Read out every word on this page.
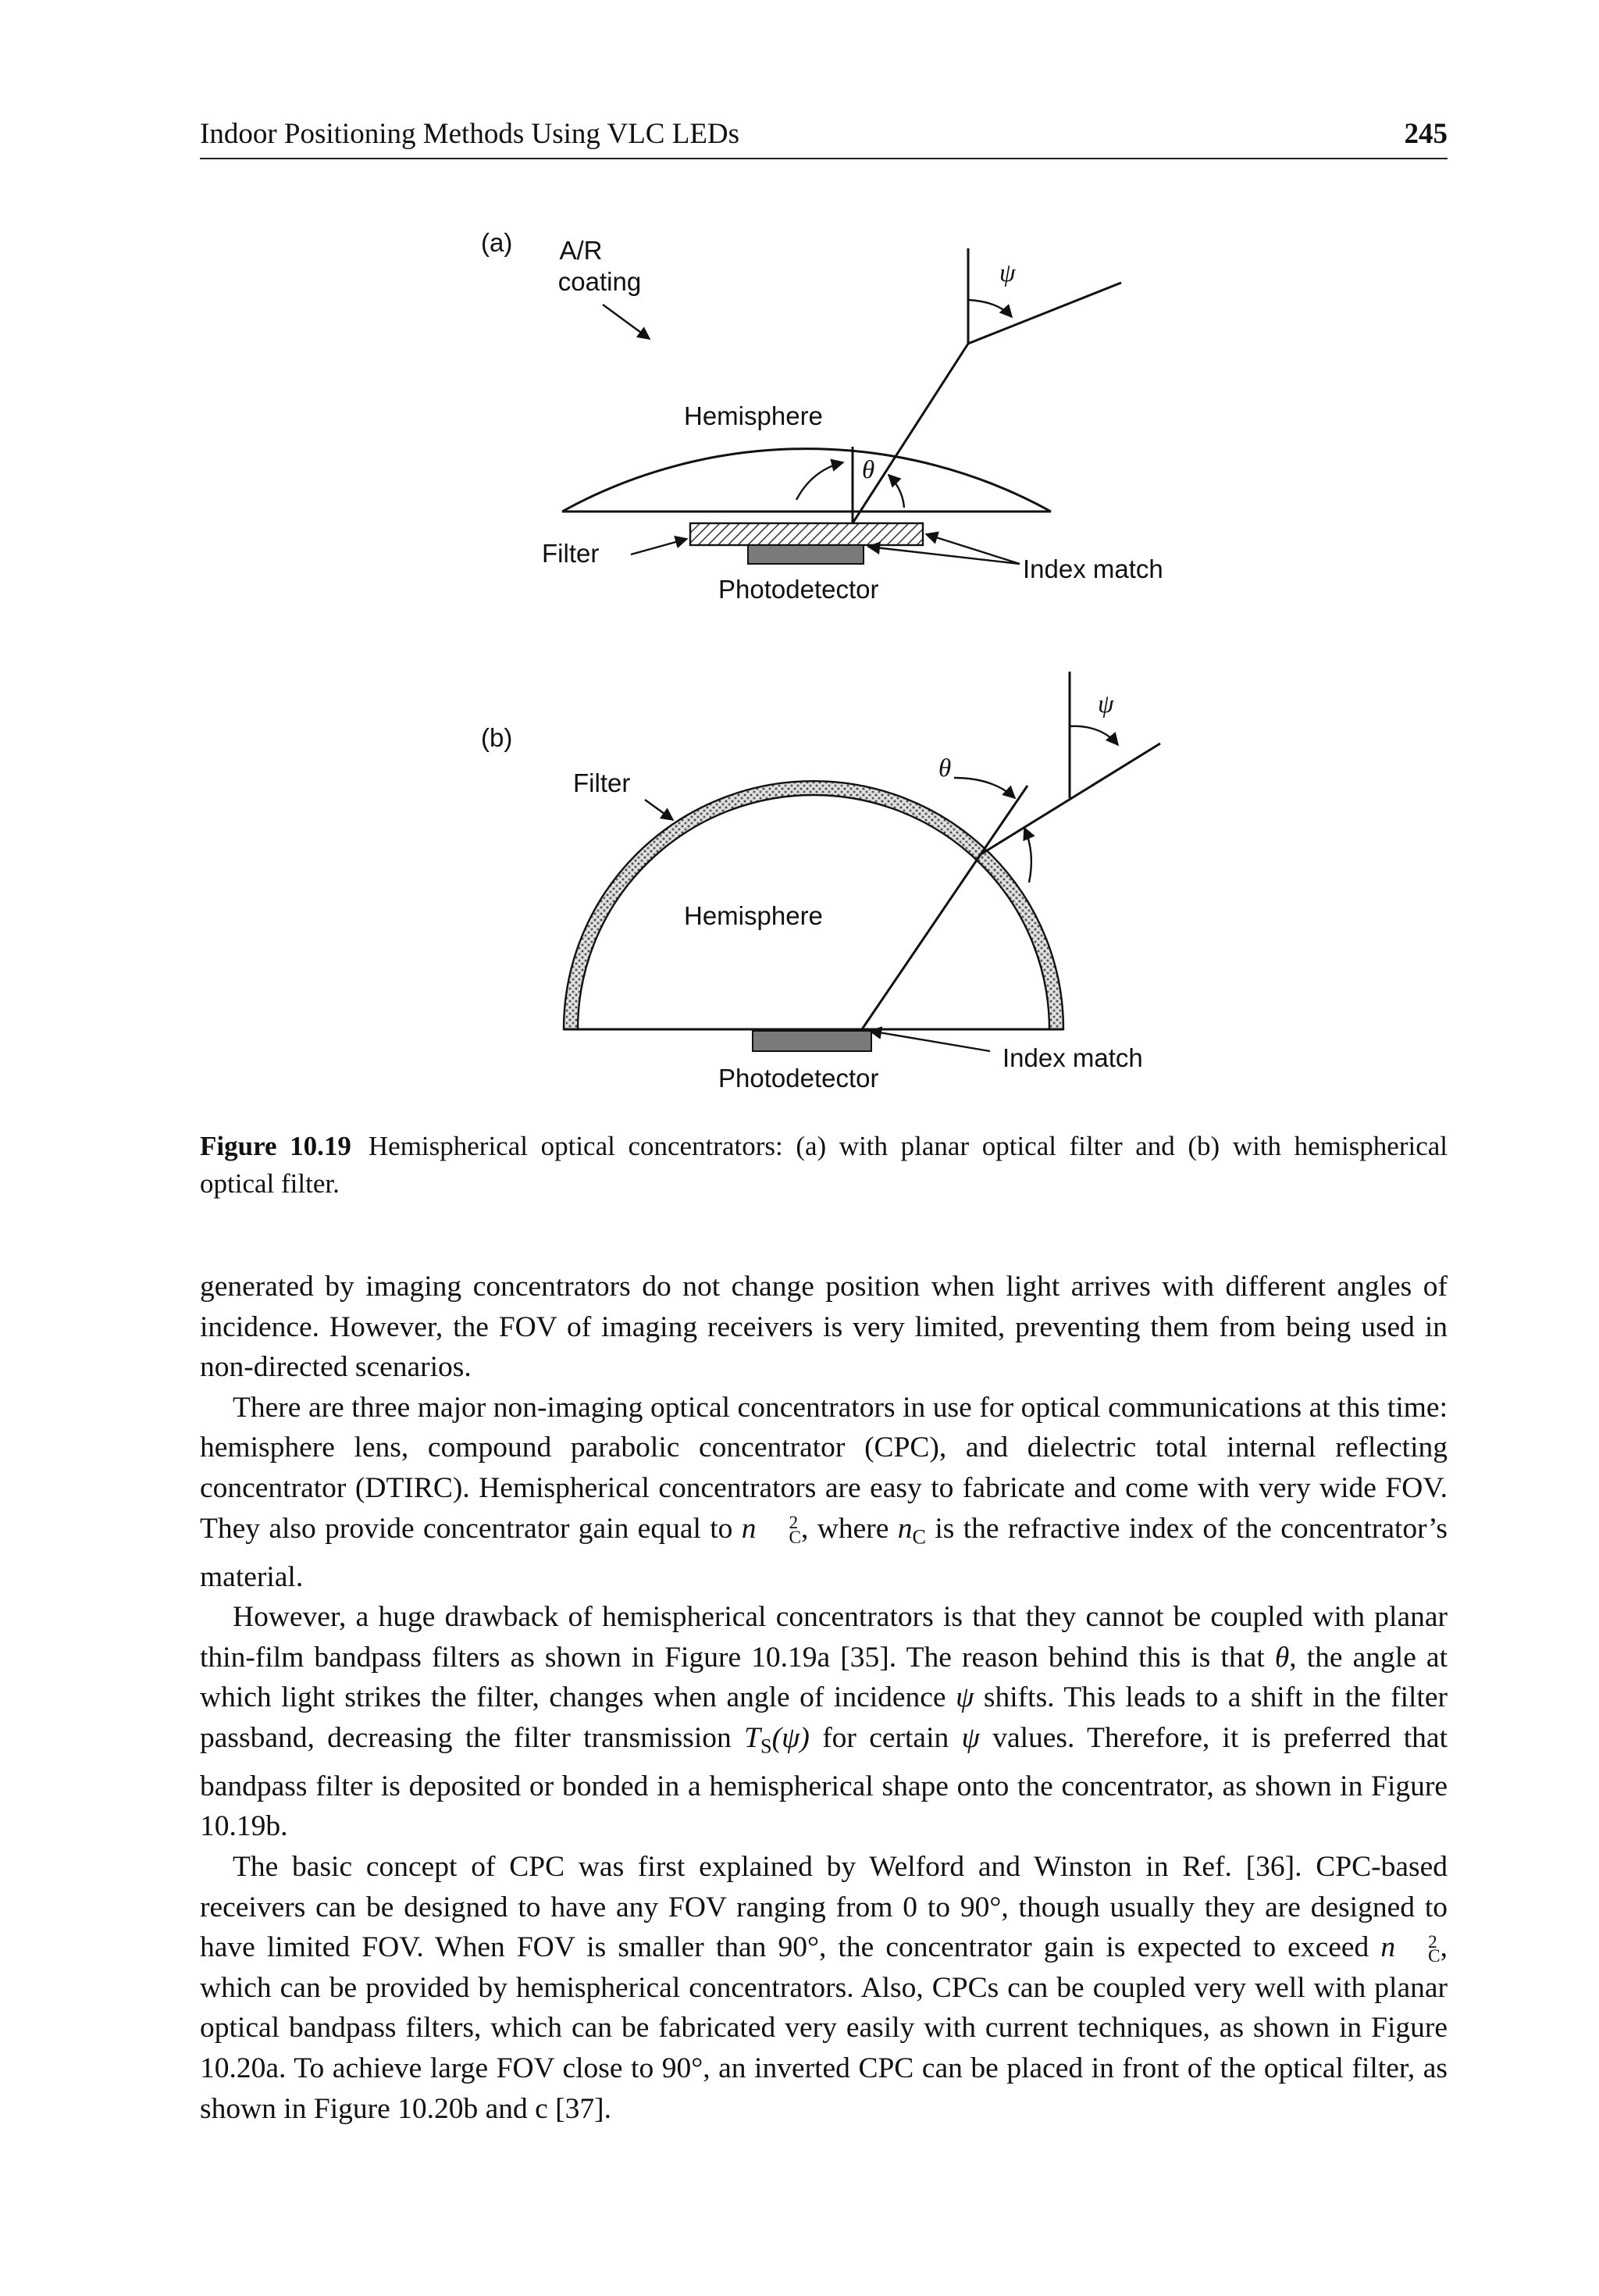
Indoor Positioning Methods Using VLC LEDs	245
(a) A/R
coating
Hemisphere
ψ
θ
Filter
Photodetector
Index match
(b)
Hemisphere
ψ
θ
Filter
Photodetector
Index match
Figure 10.19 Hemispherical optical concentrators: (a) with planar optical filter and (b) with hemispherical optical filter.

generated by imaging concentrators do not change position when light arrives with different angles of incidence. However, the FOV of imaging receivers is very limited, preventing them from being used in non-directed scenarios.

There are three major non-imaging optical concentrators in use for optical communications at this time: hemisphere lens, compound parabolic concentrator (CPC), and dielectric total internal reflecting concentrator (DTIRC). Hemispherical concentrators are easy to fabricate and come with very wide FOV. They also provide concentrator gain equal to n	2
C , where $n_C$ is the refractive index of the concentrator’s material.

However, a huge drawback of hemispherical concentrators is that they cannot be coupled with planar thin-film bandpass filters as shown in Figure 10.19a [35]. The reason behind this is that θ, the angle at which light strikes the filter, changes when angle of incidence ψ shifts. This leads to a shift in the filter passband, decreasing the filter transmission $T_S(\psi)$ for certain ψ values. Therefore, it is preferred that bandpass filter is deposited or bonded in a hemispherical shape onto the concentrator, as shown in Figure 10.19b.

The basic concept of CPC was first explained by Welford and Winston in Ref. [36]. CPC-based receivers can be designed to have any FOV ranging from 0 to 90°, though usually they are designed to have limited FOV. When FOV is smaller than 90°, the concentrator gain is expected to exceed n	2
C , which can be provided by hemispherical concentrators. Also, CPCs can be coupled very well with planar optical bandpass filters, which can be fabricated very easily with current techniques, as shown in Figure 10.20a. To achieve large FOV close to 90°, an inverted CPC can be placed in front of the optical filter, as shown in Figure 10.20b and c [37].
